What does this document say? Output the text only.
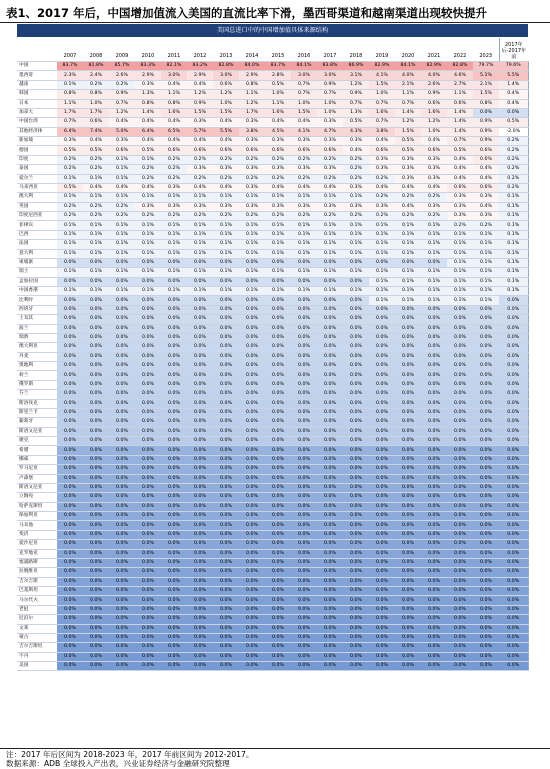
表1、2017 年后，中国增加值流入美国的直流比率下滑，墨西哥渠道和越南渠道出现较快提升
美国总进口中的中国增加值具体来源结构
	2007	2008	2009	2010	2011	2012	2013	2014	2015	2016	2017	2018	2019	2020	2021	2022	2023	2017年后-2017年前	
中国	83.7%	81.8%	85.7%	83.3%	82.1%	83.2%	82.8%	84.0%	83.7%	84.1%	83.8%	86.9%	82.9%	84.1%	82.9%	82.8%	79.7%	79.6%	

墨西哥	2.3%	2.4%	2.6%	2.9%	3.0%	2.9%	3.0%	2.9%	2.8%	3.0%	3.0%	3.1%	4.1%	4.0%	4.0%	4.6%	5.1%	5.5%	

越南	0.1%	0.2%	0.2%	0.3%	0.4%	0.4%	0.6%	0.8%	0.5%	0.7%	0.9%	1.2%	1.5%	2.1%	2.6%	2.7%	2.1%	1.4%	

韩国	0.8%	0.8%	0.9%	1.3%	1.1%	1.2%	1.2%	1.1%	1.0%	0.7%	0.7%	0.9%	1.0%	1.1%	0.9%	1.1%	1.5%	0.4%	

日本	1.1%	1.0%	0.7%	0.8%	0.8%	0.9%	1.0%	1.2%	1.1%	1.0%	1.0%	0.7%	0.7%	0.7%	0.6%	0.6%	0.8%	0.4%	

加拿大	1.7%	1.7%	1.2%	1.4%	1.6%	1.5%	1.5%	1.7%	1.6%	1.5%	1.0%	1.3%	1.6%	1.4%	1.6%	1.4%	0.0%	0.0%	

中国台湾	0.7%	0.6%	0.4%	0.4%	0.4%	0.3%	0.4%	0.3%	0.4%	0.4%	0.3%	0.5%	0.7%	1.2%	1.2%	1.4%	0.9%	0.5%	

其他经济体	6.4%	7.4%	5.0%	6.4%	6.5%	5.7%	5.5%	3.8%	4.5%	4.1%	4.7%	4.3%	3.8%	1.5%	1.0%	1.4%	0.9%	-2.0%	

新加坡	0.3%	0.4%	0.3%	0.4%	0.4%	0.4%	0.4%	0.3%	0.3%	0.3%	0.3%	0.3%	0.4%	0.5%	0.4%	0.7%	0.9%	0.2%	

德国	0.5%	0.5%	0.6%	0.5%	0.6%	0.6%	0.6%	0.6%	0.6%	0.6%	0.6%	0.4%	0.6%	0.5%	0.6%	0.5%	0.6%	0.2%	

印度	0.2%	0.2%	0.1%	0.1%	0.2%	0.2%	0.2%	0.2%	0.2%	0.2%	0.2%	0.2%	0.3%	0.3%	0.3%	0.4%	0.6%	0.2%	

泰国	0.2%	0.2%	0.1%	0.2%	0.2%	0.3%	0.3%	0.3%	0.3%	0.3%	0.3%	0.2%	0.3%	0.3%	0.3%	0.4%	0.4%	0.2%	

爱尔兰	0.1%	0.1%	0.1%	0.2%	0.2%	0.2%	0.2%	0.2%	0.2%	0.2%	0.2%	0.2%	0.2%	0.3%	0.3%	0.4%	0.4%	0.2%	

马来西亚	0.5%	0.4%	0.4%	0.4%	0.3%	0.4%	0.4%	0.3%	0.4%	0.4%	0.4%	0.3%	0.4%	0.4%	0.4%	0.6%	0.6%	0.2%	

澳大利	0.1%	0.1%	0.1%	0.1%	0.1%	0.1%	0.1%	0.1%	0.1%	0.1%	0.1%	0.1%	0.2%	0.2%	0.2%	0.3%	0.3%	0.1%	

英国	0.2%	0.2%	0.2%	0.3%	0.3%	0.3%	0.3%	0.3%	0.3%	0.3%	0.3%	0.3%	0.3%	0.4%	0.3%	0.3%	0.4%	0.1%	

印度尼西亚	0.2%	0.2%	0.2%	0.2%	0.2%	0.2%	0.2%	0.2%	0.2%	0.2%	0.2%	0.2%	0.2%	0.2%	0.2%	0.3%	0.3%	0.1%	

菲律宾	0.1%	0.1%	0.1%	0.1%	0.1%	0.1%	0.1%	0.1%	0.1%	0.1%	0.1%	0.1%	0.1%	0.1%	0.1%	0.2%	0.2%	0.1%	

巴西	0.1%	0.1%	0.1%	0.1%	0.1%	0.1%	0.1%	0.1%	0.1%	0.1%	0.1%	0.1%	0.1%	0.1%	0.1%	0.1%	0.1%	0.1%	

法国	0.1%	0.1%	0.1%	0.1%	0.1%	0.1%	0.1%	0.1%	0.1%	0.1%	0.1%	0.1%	0.1%	0.1%	0.1%	0.1%	0.1%	0.1%	

意大利	0.1%	0.1%	0.1%	0.1%	0.1%	0.1%	0.1%	0.1%	0.1%	0.1%	0.1%	0.1%	0.1%	0.1%	0.1%	0.1%	0.1%	0.1%	

柬埔寨	0.0%	0.0%	0.0%	0.0%	0.0%	0.0%	0.0%	0.0%	0.0%	0.0%	0.0%	0.0%	0.0%	0.0%	0.0%	0.1%	0.1%	0.1%	

瑞士	0.1%	0.1%	0.1%	0.1%	0.1%	0.1%	0.1%	0.1%	0.1%	0.1%	0.1%	0.1%	0.1%	0.1%	0.1%	0.1%	0.1%	0.1%	

孟加拉国	0.0%	0.0%	0.0%	0.0%	0.0%	0.0%	0.0%	0.0%	0.0%	0.0%	0.0%	0.0%	0.1%	0.1%	0.1%	0.1%	0.1%	0.1%	

中国香港	0.1%	0.1%	0.1%	0.1%	0.1%	0.1%	0.1%	0.1%	0.1%	0.1%	0.1%	0.1%	0.1%	0.1%	0.1%	0.1%	0.1%	0.1%	

比利时	0.0%	0.0%	0.0%	0.0%	0.0%	0.0%	0.0%	0.0%	0.0%	0.0%	0.0%	0.0%	0.1%	0.1%	0.1%	0.1%	0.1%	0.0%	

西班牙	0.0%	0.0%	0.0%	0.0%	0.0%	0.0%	0.0%	0.0%	0.0%	0.0%	0.0%	0.0%	0.0%	0.0%	0.0%	0.0%	0.0%	0.0%	

土耳其	0.0%	0.0%	0.0%	0.0%	0.0%	0.0%	0.0%	0.0%	0.0%	0.0%	0.0%	0.0%	0.0%	0.0%	0.0%	0.0%	0.0%	0.0%	

波兰	0.0%	0.0%	0.0%	0.0%	0.0%	0.0%	0.0%	0.0%	0.0%	0.0%	0.0%	0.0%	0.0%	0.0%	0.0%	0.0%	0.0%	0.0%	

瑞典	0.0%	0.0%	0.0%	0.0%	0.0%	0.0%	0.0%	0.0%	0.0%	0.0%	0.0%	0.0%	0.0%	0.0%	0.0%	0.0%	0.0%	0.0%	

澳大利亚	0.0%	0.0%	0.0%	0.0%	0.0%	0.0%	0.0%	0.0%	0.0%	0.0%	0.0%	0.0%	0.0%	0.0%	0.0%	0.0%	0.0%	0.0%	

丹麦	0.0%	0.0%	0.0%	0.0%	0.0%	0.0%	0.0%	0.0%	0.0%	0.0%	0.0%	0.0%	0.0%	0.0%	0.0%	0.0%	0.0%	0.0%	

奥地利	0.0%	0.0%	0.0%	0.0%	0.0%	0.0%	0.0%	0.0%	0.0%	0.0%	0.0%	0.0%	0.0%	0.0%	0.0%	0.0%	0.0%	0.0%	

荷兰	0.0%	0.0%	0.0%	0.0%	0.0%	0.0%	0.0%	0.0%	0.0%	0.0%	0.0%	0.0%	0.0%	0.0%	0.0%	0.0%	0.0%	0.0%	

俄罗斯	0.0%	0.0%	0.0%	0.0%	0.0%	0.0%	0.0%	0.0%	0.0%	0.0%	0.0%	0.0%	0.0%	0.0%	0.0%	0.0%	0.0%	0.0%	

芬兰	0.0%	0.0%	0.0%	0.0%	0.0%	0.0%	0.0%	0.0%	0.0%	0.0%	0.0%	0.0%	0.0%	0.0%	0.0%	0.0%	0.0%	0.0%	

斯洛伐克	0.0%	0.0%	0.0%	0.0%	0.0%	0.0%	0.0%	0.0%	0.0%	0.0%	0.0%	0.0%	0.0%	0.0%	0.0%	0.0%	0.0%	0.0%	

斯里兰卡	0.0%	0.0%	0.0%	0.0%	0.0%	0.0%	0.0%	0.0%	0.0%	0.0%	0.0%	0.0%	0.0%	0.0%	0.0%	0.0%	0.0%	0.0%	

葡萄牙	0.0%	0.0%	0.0%	0.0%	0.0%	0.0%	0.0%	0.0%	0.0%	0.0%	0.0%	0.0%	0.0%	0.0%	0.0%	0.0%	0.0%	0.0%	

斯洛文尼亚	0.0%	0.0%	0.0%	0.0%	0.0%	0.0%	0.0%	0.0%	0.0%	0.0%	0.0%	0.0%	0.0%	0.0%	0.0%	0.0%	0.0%	0.0%	

捷克	0.0%	0.0%	0.0%	0.0%	0.0%	0.0%	0.0%	0.0%	0.0%	0.0%	0.0%	0.0%	0.0%	0.0%	0.0%	0.0%	0.0%	0.0%	

希腊	0.0%	0.0%	0.0%	0.0%	0.0%	0.0%	0.0%	0.0%	0.0%	0.0%	0.0%	0.0%	0.0%	0.0%	0.0%	0.0%	0.0%	0.0%	

挪威	0.0%	0.0%	0.0%	0.0%	0.0%	0.0%	0.0%	0.0%	0.0%	0.0%	0.0%	0.0%	0.0%	0.0%	0.0%	0.0%	0.0%	0.0%	

罗马尼亚	0.0%	0.0%	0.0%	0.0%	0.0%	0.0%	0.0%	0.0%	0.0%	0.0%	0.0%	0.0%	0.0%	0.0%	0.0%	0.0%	0.0%	0.0%	

卢森堡	0.0%	0.0%	0.0%	0.0%	0.0%	0.0%	0.0%	0.0%	0.0%	0.0%	0.0%	0.0%	0.0%	0.0%	0.0%	0.0%	0.0%	0.0%	

斯洛文尼亚	0.0%	0.0%	0.0%	0.0%	0.0%	0.0%	0.0%	0.0%	0.0%	0.0%	0.0%	0.0%	0.0%	0.0%	0.0%	0.0%	0.0%	0.0%	

立陶宛	0.0%	0.0%	0.0%	0.0%	0.0%	0.0%	0.0%	0.0%	0.0%	0.0%	0.0%	0.0%	0.0%	0.0%	0.0%	0.0%	0.0%	0.0%	

哈萨克斯坦	0.0%	0.0%	0.0%	0.0%	0.0%	0.0%	0.0%	0.0%	0.0%	0.0%	0.0%	0.0%	0.0%	0.0%	0.0%	0.0%	0.0%	0.0%	

保加利亚	0.0%	0.0%	0.0%	0.0%	0.0%	0.0%	0.0%	0.0%	0.0%	0.0%	0.0%	0.0%	0.0%	0.0%	0.0%	0.0%	0.0%	0.0%	

马耳他	0.0%	0.0%	0.0%	0.0%	0.0%	0.0%	0.0%	0.0%	0.0%	0.0%	0.0%	0.0%	0.0%	0.0%	0.0%	0.0%	0.0%	0.0%	

斐济	0.0%	0.0%	0.0%	0.0%	0.0%	0.0%	0.0%	0.0%	0.0%	0.0%	0.0%	0.0%	0.0%	0.0%	0.0%	0.0%	0.0%	0.0%	

爱沙尼亚	0.0%	0.0%	0.0%	0.0%	0.0%	0.0%	0.0%	0.0%	0.0%	0.0%	0.0%	0.0%	0.0%	0.0%	0.0%	0.0%	0.0%	0.0%	

克罗地亚	0.0%	0.0%	0.0%	0.0%	0.0%	0.0%	0.0%	0.0%	0.0%	0.0%	0.0%	0.0%	0.0%	0.0%	0.0%	0.0%	0.0%	0.0%	

塞浦路斯	0.0%	0.0%	0.0%	0.0%	0.0%	0.0%	0.0%	0.0%	0.0%	0.0%	0.0%	0.0%	0.0%	0.0%	0.0%	0.0%	0.0%	0.0%	

拉脱维亚	0.0%	0.0%	0.0%	0.0%	0.0%	0.0%	0.0%	0.0%	0.0%	0.0%	0.0%	0.0%	0.0%	0.0%	0.0%	0.0%	0.0%	0.0%	

吉尔吉斯	0.0%	0.0%	0.0%	0.0%	0.0%	0.0%	0.0%	0.0%	0.0%	0.0%	0.0%	0.0%	0.0%	0.0%	0.0%	0.0%	0.0%	0.0%	

巴基斯坦	0.0%	0.0%	0.0%	0.0%	0.0%	0.0%	0.0%	0.0%	0.0%	0.0%	0.0%	0.0%	0.0%	0.0%	0.0%	0.0%	0.0%	0.0%	

马尔代夫	0.0%	0.0%	0.0%	0.0%	0.0%	0.0%	0.0%	0.0%	0.0%	0.0%	0.0%	0.0%	0.0%	0.0%	0.0%	0.0%	0.0%	0.0%	

老挝	0.0%	0.0%	0.0%	0.0%	0.0%	0.0%	0.0%	0.0%	0.0%	0.0%	0.0%	0.0%	0.0%	0.0%	0.0%	0.0%	0.0%	0.0%	

尼泊尔	0.0%	0.0%	0.0%	0.0%	0.0%	0.0%	0.0%	0.0%	0.0%	0.0%	0.0%	0.0%	0.0%	0.0%	0.0%	0.0%	0.0%	0.0%	

文莱	0.0%	0.0%	0.0%	0.0%	0.0%	0.0%	0.0%	0.0%	0.0%	0.0%	0.0%	0.0%	0.0%	0.0%	0.0%	0.0%	0.0%	0.0%	

蒙古	0.0%	0.0%	0.0%	0.0%	0.0%	0.0%	0.0%	0.0%	0.0%	0.0%	0.0%	0.0%	0.0%	0.0%	0.0%	0.0%	0.0%	0.0%	

吉尔吉斯坦	0.0%	0.0%	0.0%	0.0%	0.0%	0.0%	0.0%	0.0%	0.0%	0.0%	0.0%	0.0%	0.0%	0.0%	0.0%	0.0%	0.0%	0.0%	

不丹	0.0%	0.0%	0.0%	0.0%	0.0%	0.0%	0.0%	0.0%	0.0%	0.0%	0.0%	0.0%	0.0%	0.0%	0.0%	0.0%	0.0%	0.0%	

美国	0.0%	0.0%	0.0%	0.0%	0.0%	0.0%	0.0%	0.0%	0.0%	0.0%	0.0%	0.0%	0.0%	0.0%	0.0%	0.0%	0.0%	0.0%	
注：2017 年后区间为 2018-2023 年，2017 年前区间为 2012-2017。
数据来源：ADB 全球投入产出表，兴业证券经济与金融研究院整理
